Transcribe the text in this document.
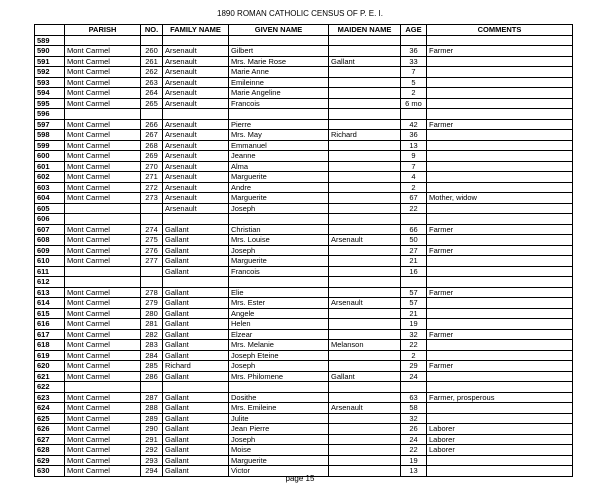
1890 ROMAN CATHOLIC CENSUS OF P. E. I.
	PARISH	NO.	FAMILY NAME	GIVEN NAME	MAIDEN NAME	AGE	COMMENTS
589							
590	Mont Carmel	260	Arsenault	Gilbert		36	Farmer
591	Mont Carmel	261	Arsenault	Mrs. Marie Rose	Gallant	33	
592	Mont Carmel	262	Arsenault	Marie Anne		7	
593	Mont Carmel	263	Arsenault	Emileinne		5	
594	Mont Carmel	264	Arsenault	Marie Angeline		2	
595	Mont Carmel	265	Arsenault	Francois		6 mo	
596							
597	Mont Carmel	266	Arsenault	Pierre		42	Farmer
598	Mont Carmel	267	Arsenault	Mrs. May	Richard	36	
599	Mont Carmel	268	Arsenault	Emmanuel		13	
600	Mont Carmel	269	Arsenault	Jeanne		9	
601	Mont Carmel	270	Arsenault	Alma		7	
602	Mont Carmel	271	Arsenault	Marguerite		4	
603	Mont Carmel	272	Arsenault	Andre		2	
604	Mont Carmel	273	Arsenault	Marguerite		67	Mother, widow
605			Arsenault	Joseph		22	
606							
607	Mont Carmel	274	Gallant	Christian		66	Farmer
608	Mont Carmel	275	Gallant	Mrs. Louise	Arsenault	50	
609	Mont Carmel	276	Gallant	Joseph		27	Farmer
610	Mont Carmel	277	Gallant	Marguerite		21	
611			Gallant	Francois		16	
612							
613	Mont Carmel	278	Gallant	Elie		57	Farmer
614	Mont Carmel	279	Gallant	Mrs. Ester	Arsenault	57	
615	Mont Carmel	280	Gallant	Angele		21	
616	Mont Carmel	281	Gallant	Helen		19	
617	Mont Carmel	282	Gallant	Elzear		32	Farmer
618	Mont Carmel	283	Gallant	Mrs. Melanie	Melanson	22	
619	Mont Carmel	284	Gallant	Joseph Eteine		2	
620	Mont Carmel	285	Richard	Joseph		29	Farmer
621	Mont Carmel	286	Gallant	Mrs. Philomene	Gallant	24	
622							
623	Mont Carmel	287	Gallant	Dosithe		63	Farmer, prosperous
624	Mont Carmel	288	Gallant	Mrs. Emileine	Arsenault	58	
625	Mont Carmel	289	Gallant	Julite		32	
626	Mont Carmel	290	Gallant	Jean Pierre		26	Laborer
627	Mont Carmel	291	Gallant	Joseph		24	Laborer
628	Mont Carmel	292	Gallant	Moise		22	Laborer
629	Mont Carmel	293	Gallant	Marguerite		19	
630	Mont Carmel	294	Gallant	Victor		13	
page 15
